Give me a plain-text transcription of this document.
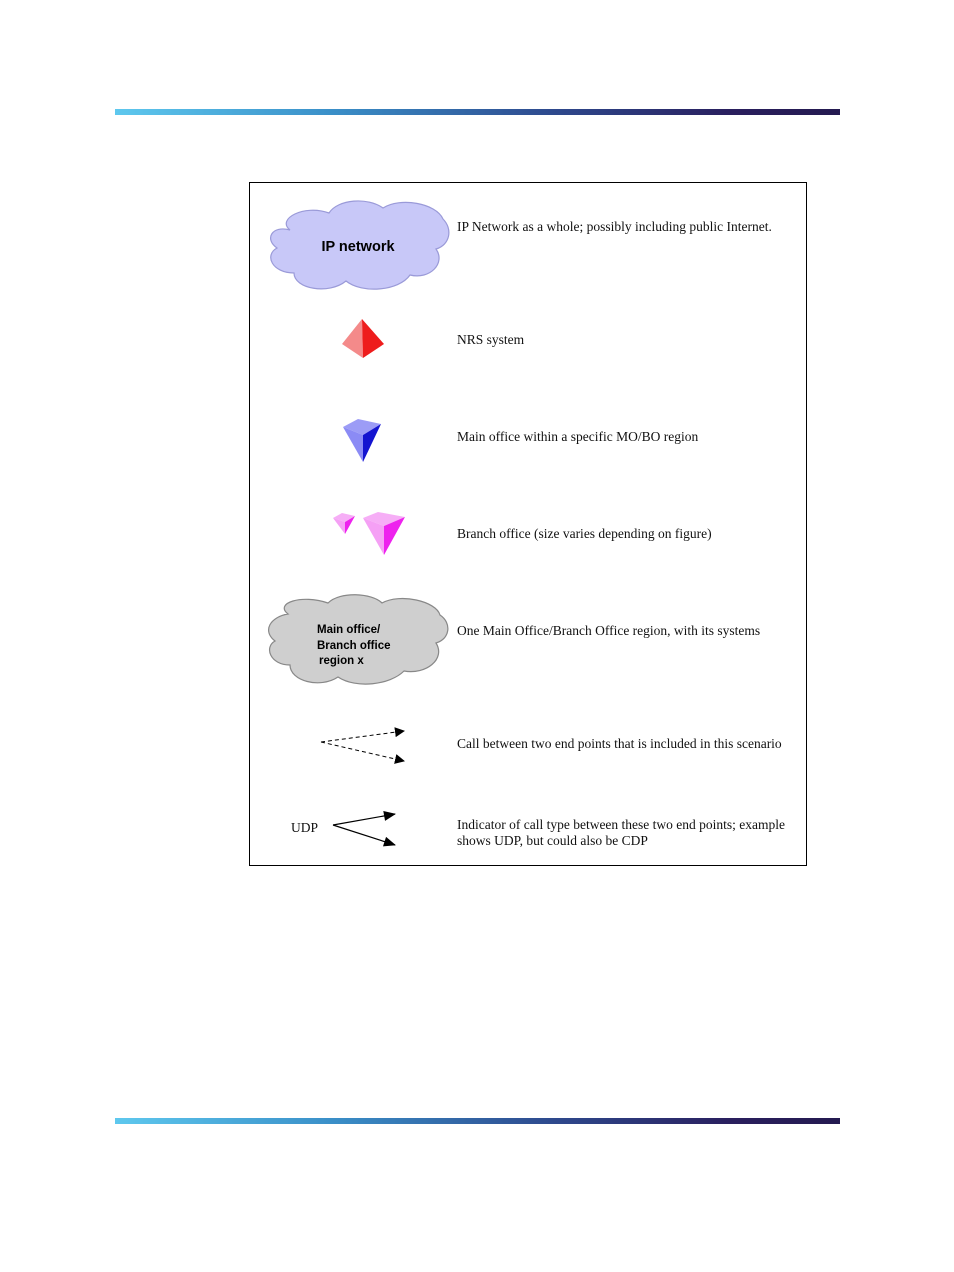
IP network
Main office/
Branch office
region x
UDP
IP Network as a whole; possibly including public Internet.
NRS system
Main office within a specific MO/BO region
Branch office (size varies depending on figure)
One Main Office/Branch Office region, with its systems
Call between two end points that is included in this scenario
Indicator of call type between these two end points; example shows UDP, but could also be CDP
